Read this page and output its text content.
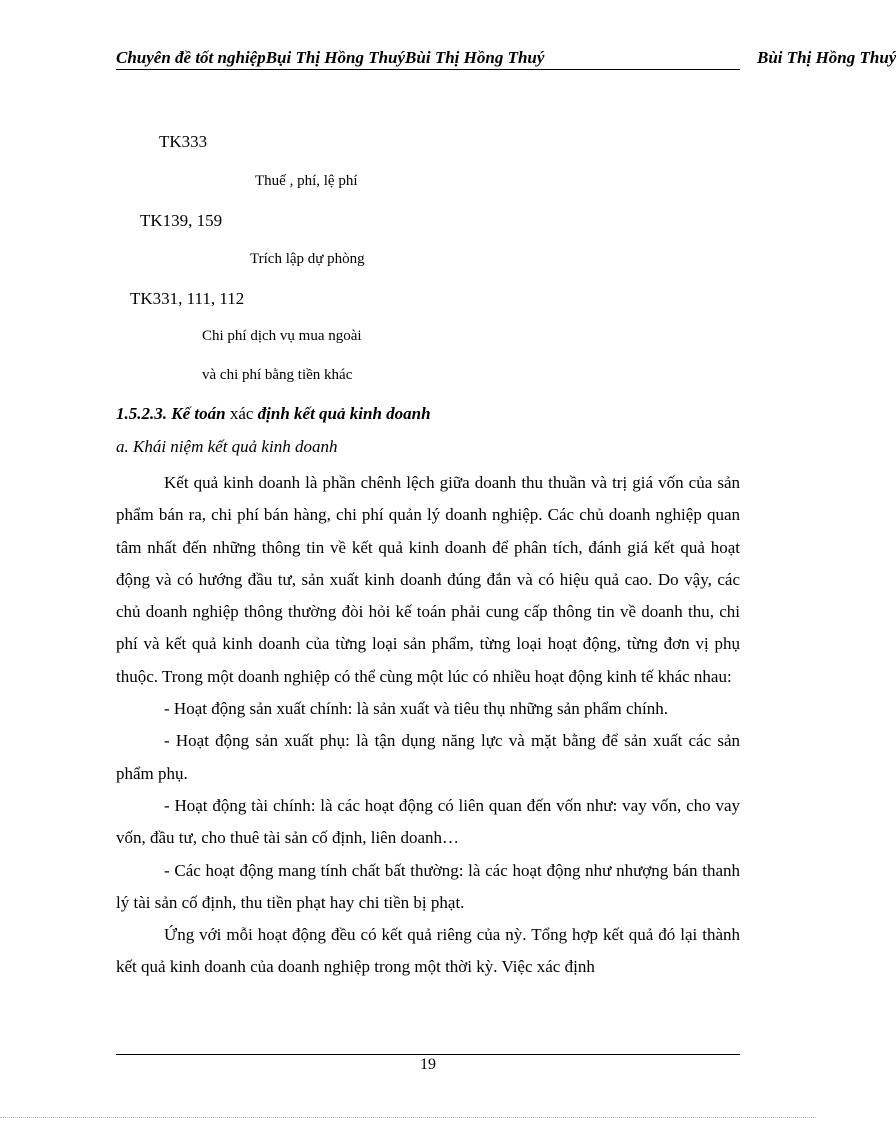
Chuyên đề tốt nghiệpBụi Thị Hồng ThuýBùi Thị Hồng Thuý	Bùi Thị Hồng Thuý
TK333
Thuế , phí, lệ phí
TK139, 159
Trích lập dự phòng
TK331, 111, 112
Chi phí dịch vụ mua ngoài
và chi phí bằng tiền khác
1.5.2.3. Kế toán xác định kết quả kinh doanh
a. Khái niệm kết quả kinh doanh

Kết quả kinh doanh là phần chênh lệch giữa doanh thu thuần và trị giá vốn của sản phẩm bán ra, chi phí bán hàng, chi phí quản lý doanh nghiệp. Các chủ doanh nghiệp quan tâm nhất đến những thông tin về kết quả kinh doanh để phân tích, đánh giá kết quả hoạt động và có hướng đầu tư, sản xuất kinh doanh đúng đắn và có hiệu quả cao. Do vậy, các chủ doanh nghiệp thông thường đòi hỏi kế toán phải cung cấp thông tin về doanh thu, chi phí và kết quả kinh doanh của từng loại sản phẩm, từng loại hoạt động, từng đơn vị phụ thuộc. Trong một doanh nghiệp có thể cùng một lúc có nhiều hoạt động kinh tế khác nhau:

- Hoạt động sản xuất chính: là sản xuất và tiêu thụ những sản phẩm chính.

- Hoạt động sản xuất phụ: là tận dụng năng lực và mặt bằng để sản xuất các sản phẩm phụ.

- Hoạt động tài chính: là các hoạt động có liên quan đến vốn như: vay vốn, cho vay vốn, đầu tư, cho thuê tài sản cố định, liên doanh…

- Các hoạt động mang tính chất bất thường: là các hoạt động như nhượng bán thanh lý tài sản cố định, thu tiền phạt hay chi tiền bị phạt.

Ứng với mỗi hoạt động đều có kết quả riêng của nỳ. Tổng hợp kết quả đó lại thành kết quả kinh doanh của doanh nghiệp trong một thời kỳ. Việc xác định

19
